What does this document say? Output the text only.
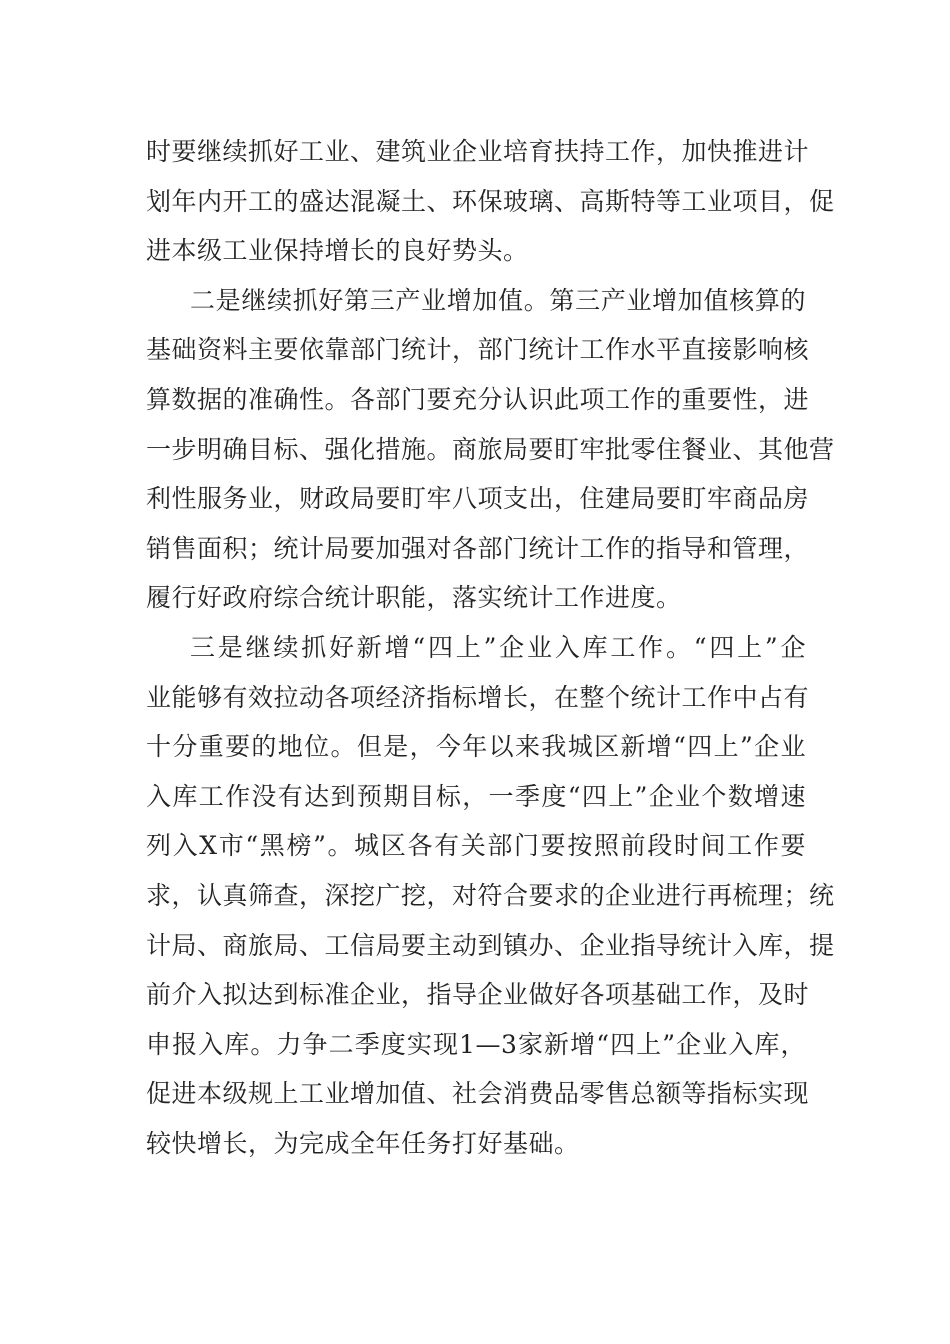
时要继续抓好工业、建筑业企业培育扶持工作，加快推进计
划年内开工的盛达混凝土、环保玻璃、高斯特等工业项目，促
进本级工业保持增长的良好势头。
二是继续抓好第三产业增加值。第三产业增加值核算的
基础资料主要依靠部门统计，部门统计工作水平直接影响核
算数据的准确性。各部门要充分认识此项工作的重要性，进
一步明确目标、强化措施。商旅局要盯牢批零住餐业、其他营
利性服务业，财政局要盯牢八项支出，住建局要盯牢商品房
销售面积；统计局要加强对各部门统计工作的指导和管理，
履行好政府综合统计职能，落实统计工作进度。
三是继续抓好新增“四上”企业入库工作。“四上”企
业能够有效拉动各项经济指标增长，在整个统计工作中占有
十分重要的地位。但是，今年以来我城区新增“四上”企业
入库工作没有达到预期目标，一季度“四上”企业个数增速
列入X市“黑榜”。城区各有关部门要按照前段时间工作要
求，认真筛查，深挖广挖，对符合要求的企业进行再梳理；统
计局、商旅局、工信局要主动到镇办、企业指导统计入库，提
前介入拟达到标准企业，指导企业做好各项基础工作，及时
申报入库。力争二季度实现1—3家新增“四上”企业入库，
促进本级规上工业增加值、社会消费品零售总额等指标实现
较快增长，为完成全年任务打好基础。
